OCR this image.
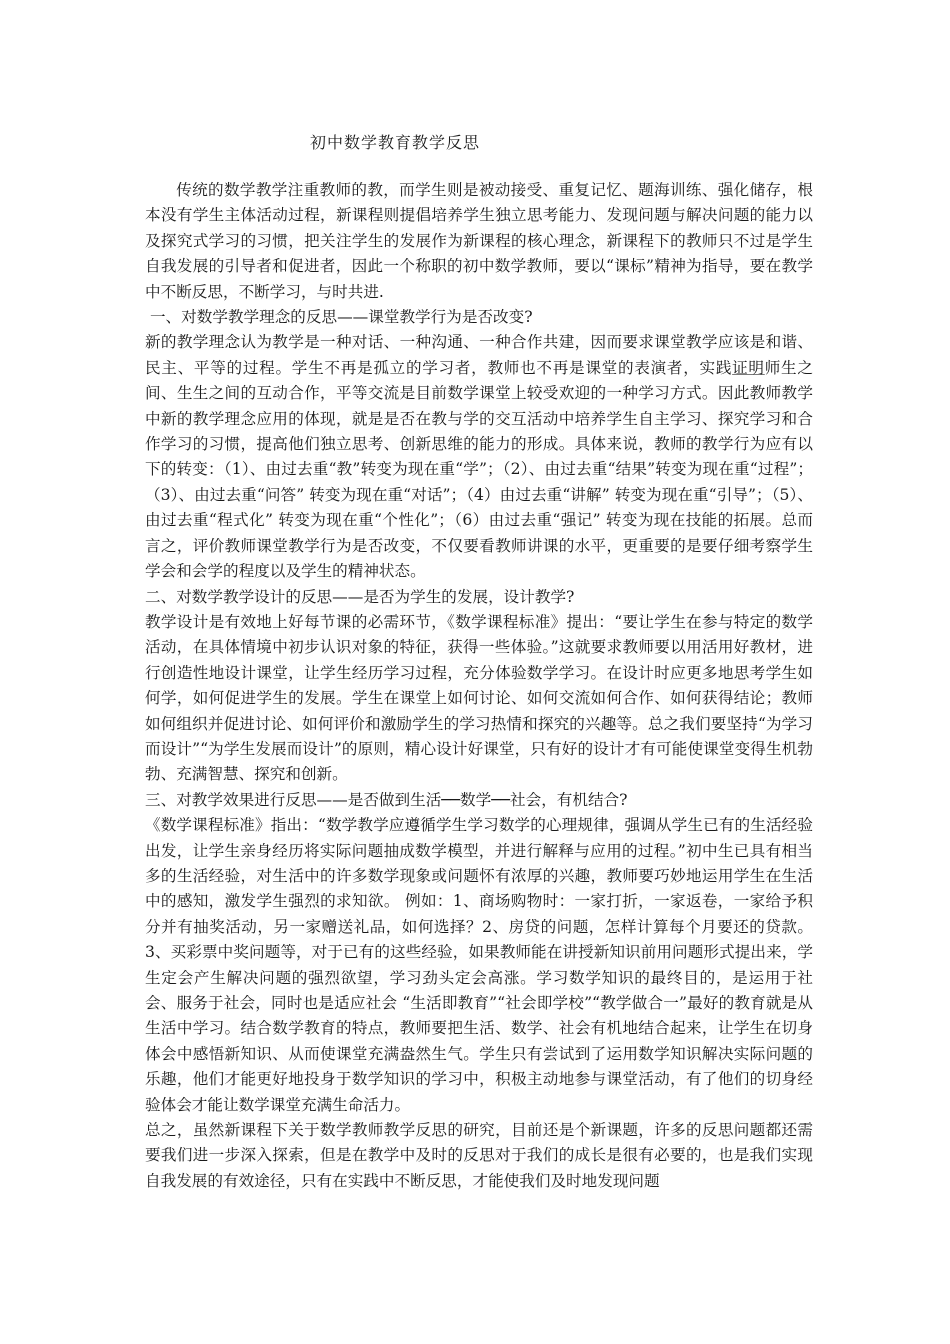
初中数学教育教学反思

传统的数学教学注重教师的教，而学生则是被动接受、重复记忆、题海训练、强化储存，根本没有学生主体活动过程，新课程则提倡培养学生独立思考能力、发现问题与解决问题的能力以及探究式学习的习惯，把关注学生的发展作为新课程的核心理念，新课程下的教师只不过是学生自我发展的引导者和促进者，因此一个称职的初中数学教师，要以“课标”精神为指导，要在教学中不断反思，不断学习，与时共进.

一、对数学教学理念的反思——课堂教学行为是否改变?

新的教学理念认为教学是一种对话、一种沟通、一种合作共建，因而要求课堂教学应该是和谐、民主、平等的过程。学生不再是孤立的学习者，教师也不再是课堂的表演者，实践证明师生之间、生生之间的互动合作，平等交流是目前数学课堂上较受欢迎的一种学习方式。因此教师教学中新的教学理念应用的体现，就是是否在教与学的交互活动中培养学生自主学习、探究学习和合作学习的习惯，提高他们独立思考、创新思维的能力的形成。具体来说，教师的教学行为应有以下的转变：（1）、由过去重“教”转变为现在重“学”；（2）、由过去重“结果”转变为现在重“过程”；（3）、由过去重“问答” 转变为现在重“对话”；（4）由过去重“讲解” 转变为现在重“引导”；（5）、由过去重“程式化” 转变为现在重“个性化”；（6）由过去重“强记” 转变为现在技能的拓展。总而言之，评价教师课堂教学行为是否改变，不仅要看教师讲课的水平，更重要的是要仔细考察学生学会和会学的程度以及学生的精神状态。

二、对数学教学设计的反思——是否为学生的发展，设计教学?

教学设计是有效地上好每节课的必需环节，《数学课程标准》提出：“要让学生在参与特定的数学活动，在具体情境中初步认识对象的特征，获得一些体验。”这就要求教师要以用活用好教材，进行创造性地设计课堂，让学生经历学习过程，充分体验数学学习。在设计时应更多地思考学生如何学，如何促进学生的发展。学生在课堂上如何讨论、如何交流如何合作、如何获得结论；教师如何组织并促进讨论、如何评价和激励学生的学习热情和探究的兴趣等。总之我们要坚持“为学习而设计”“为学生发展而设计”的原则，精心设计好课堂，只有好的设计才有可能使课堂变得生机勃勃、充满智慧、探究和创新。

三、对教学效果进行反思——是否做到生活──数学──社会，有机结合?

《数学课程标准》指出：“数学教学应遵循学生学习数学的心理规律，强调从学生已有的生活经验出发，让学生亲身经历将实际问题抽成数学模型，并进行解释与应用的过程。”初中生已具有相当多的生活经验，对生活中的许多数学现象或问题怀有浓厚的兴趣，教师要巧妙地运用学生在生活中的感知，激发学生强烈的求知欲。 例如：1、商场购物时：一家打折，一家返卷，一家给予积分并有抽奖活动，另一家赠送礼品，如何选择？2、房贷的问题，怎样计算每个月要还的贷款。3、买彩票中奖问题等，对于已有的这些经验，如果教师能在讲授新知识前用问题形式提出来，学生定会产生解决问题的强烈欲望，学习劲头定会高涨。学习数学知识的最终目的，是运用于社会、服务于社会，同时也是适应社会 “生活即教育”“社会即学校”“教学做合一”最好的教育就是从生活中学习。结合数学教育的特点，教师要把生活、数学、社会有机地结合起来，让学生在切身体会中感悟新知识、从而使课堂充满盎然生气。学生只有尝试到了运用数学知识解决实际问题的乐趣，他们才能更好地投身于数学知识的学习中，积极主动地参与课堂活动，有了他们的切身经验体会才能让数学课堂充满生命活力。

总之，虽然新课程下关于数学教师教学反思的研究，目前还是个新课题，许多的反思问题都还需要我们进一步深入探索，但是在教学中及时的反思对于我们的成长是很有必要的，也是我们实现自我发展的有效途径，只有在实践中不断反思，才能使我们及时地发现问题
